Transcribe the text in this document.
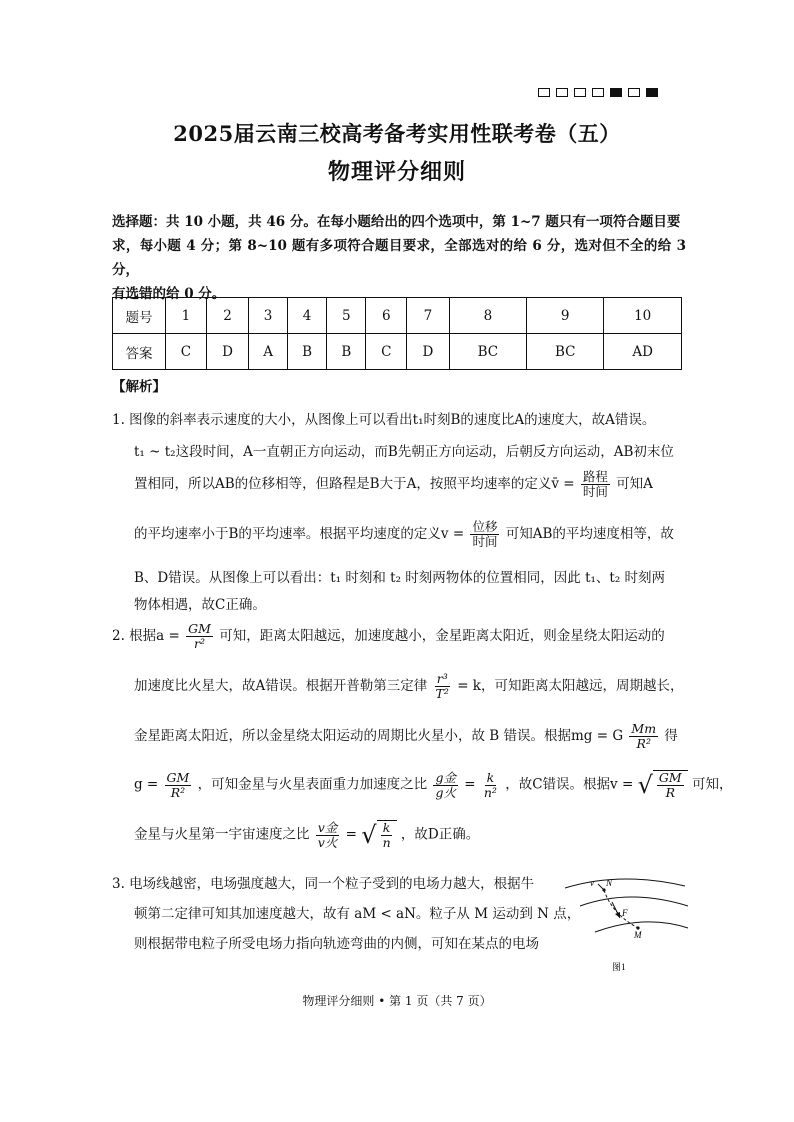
2025届云南三校高考备考实用性联考卷（五）
物理评分细则
选择题：共 10 小题，共 46 分。在每小题给出的四个选项中，第 1~7 题只有一项符合题目要
求，每小题 4 分；第 8~10 题有多项符合题目要求，全部选对的给 6 分，选对但不全的给 3 分，
有选错的给 0 分。
题号	1	2	3	4	5	6	7	8	9	10
答案	C	D	A	B	B	C	D	BC	BC	AD
【解析】
1. 图像的斜率表示速度的大小，从图像上可以看出t₁时刻B的速度比A的速度大，故A错误。
t₁ ~ t₂这段时间，A一直朝正方向运动，而B先朝正方向运动，后朝反方向运动，AB初末位
置相同，所以AB的位移相等，但路程是B大于A，按照平均速率的定义v̄ = $\frac{\text{路程}}{\text{时间}}$ 可知A
的平均速率小于B的平均速率。根据平均速度的定义$v = \frac{\text{位移}}{\text{时间}}$ 可知AB的平均速度相等，故
B、D错误。从图像上可以看出：t₁ 时刻和 t₂ 时刻两物体的位置相同，因此 t₁、t₂ 时刻两
物体相遇，故C正确。
2. 根据$a = \frac{GM}{\text{r²}}$ 可知，距离太阳越远，加速度越小，金星距离太阳近，则金星绕太阳运动的
加速度比火星大，故A错误。根据开普勒第三定律 $\frac{\text{r³}}{\text{T²}} = k$，可知距离太阳越远，周期越长，
金星距离太阳近，所以金星绕太阳运动的周期比火星小，故 B 错误。根据mg = G $\frac{Mm}{\text{R²}}$ 得
$g = \frac{GM}{\text{R²}}$ ，可知金星与火星表面重力加速度之比 $\frac{\text{g金}}{\text{g火}} = \frac{k}{\text{n²}}$ ，故C错误。根据v = √ $\frac{GM}{R}$ 可知，
金星与火星第一宇宙速度之比 $\frac{\text{v金}}{\text{v火}}$ = √ $\frac{k}{n}$ ，故D正确。
3. 电场线越密，电场强度越大，同一个粒子受到的电场力越大，根据牛
顿第二定律可知其加速度越大，故有 aM < aN。粒子从 M 运动到 N 点，
则根据带电粒子所受电场力指向轨迹弯曲的内侧，可知在某点的电场
v N
F
M
图1
物理评分细则 • 第 1 页（共 7 页）
